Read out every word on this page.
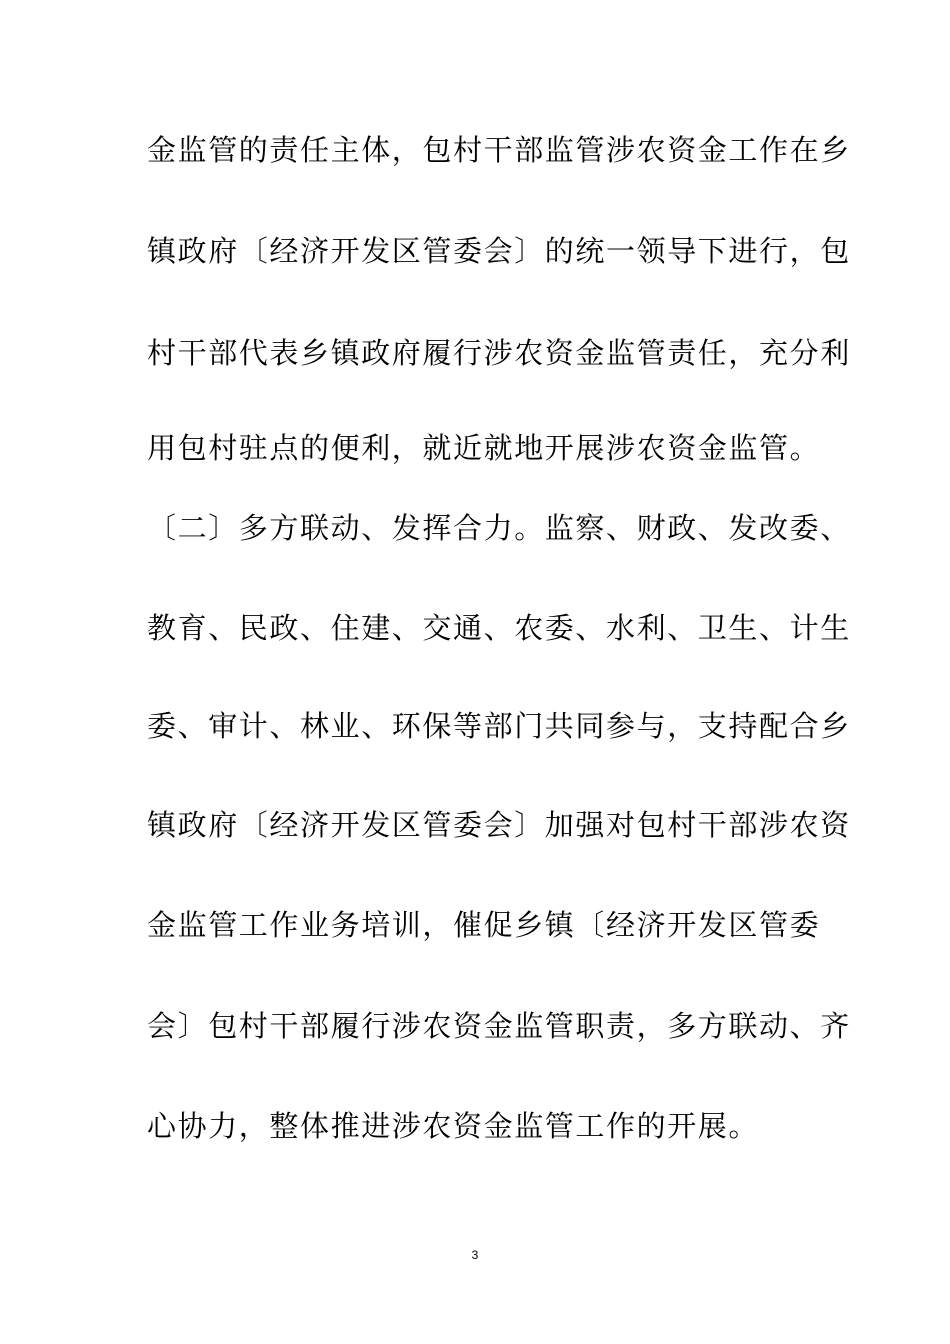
金监管的责任主体，包村干部监管涉农资金工作在乡
镇政府〔经济开发区管委会〕的统一领导下进行，包
村干部代表乡镇政府履行涉农资金监管责任，充分利
用包村驻点的便利，就近就地开展涉农资金监管。
〔二〕多方联动、发挥合力。监察、财政、发改委、
教育、民政、住建、交通、农委、水利、卫生、计生
委、审计、林业、环保等部门共同参与，支持配合乡
镇政府〔经济开发区管委会〕加强对包村干部涉农资
金监管工作业务培训，催促乡镇〔经济开发区管委
会〕包村干部履行涉农资金监管职责，多方联动、齐
心协力，整体推进涉农资金监管工作的开展。
3
